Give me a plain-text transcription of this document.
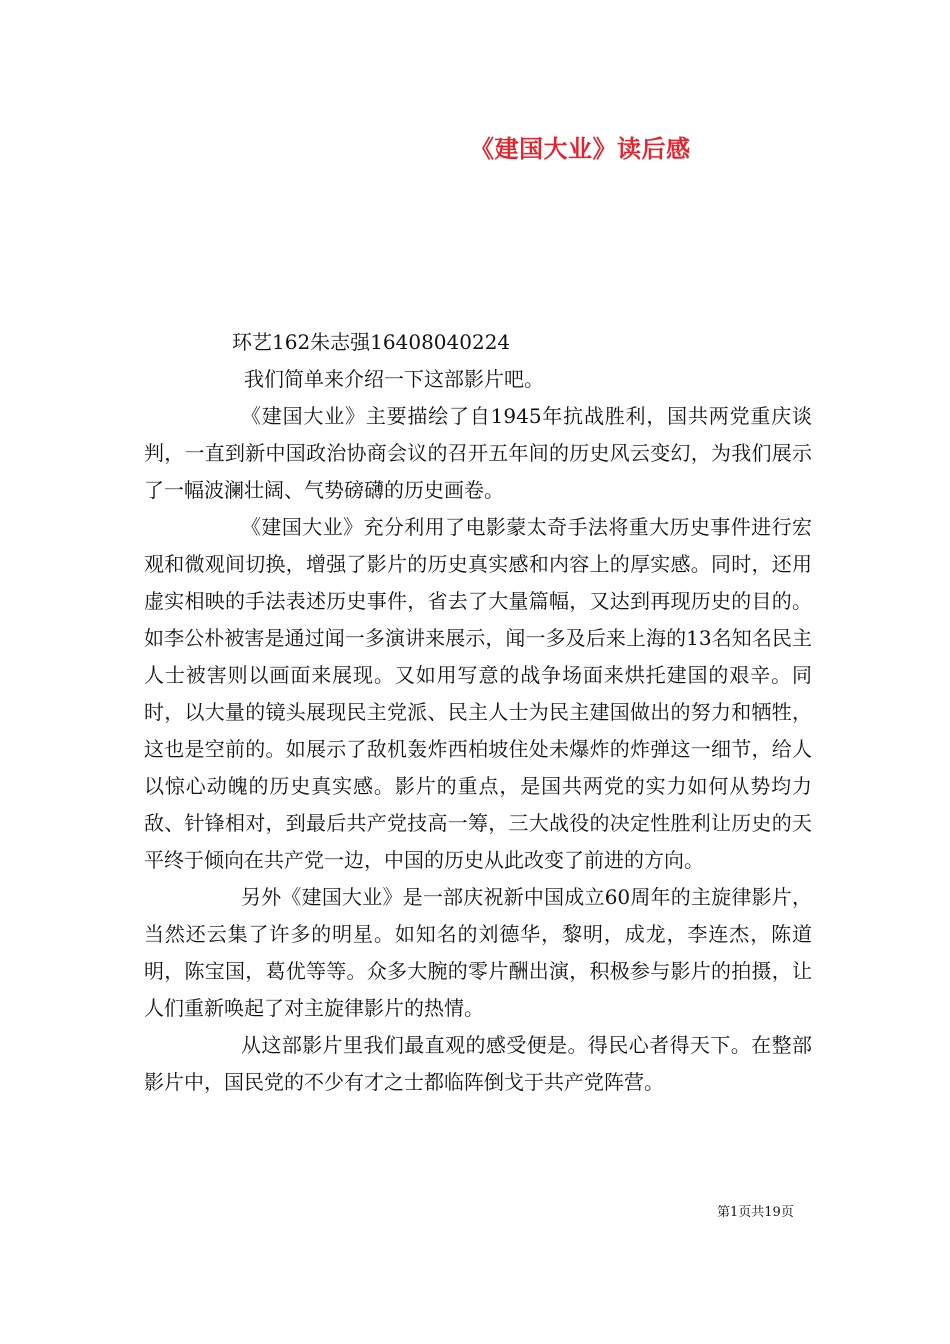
《建国大业》读后感

环艺162朱志强16408040224

我们简单来介绍一下这部影片吧。

《建国大业》主要描绘了自1945年抗战胜利，国共两党重庆谈判，一直到新中国政治协商会议的召开五年间的历史风云变幻，为我们展示了一幅波澜壮阔、气势磅礴的历史画卷。

《建国大业》充分利用了电影蒙太奇手法将重大历史事件进行宏观和微观间切换，增强了影片的历史真实感和内容上的厚实感。同时，还用虚实相映的手法表述历史事件，省去了大量篇幅，又达到再现历史的目的。如李公朴被害是通过闻一多演讲来展示，闻一多及后来上海的13名知名民主人士被害则以画面来展现。又如用写意的战争场面来烘托建国的艰辛。同时，以大量的镜头展现民主党派、民主人士为民主建国做出的努力和牺牲，这也是空前的。如展示了敌机轰炸西柏坡住处未爆炸的炸弹这一细节，给人以惊心动魄的历史真实感。影片的重点，是国共两党的实力如何从势均力敌、针锋相对，到最后共产党技高一筹，三大战役的决定性胜利让历史的天平终于倾向在共产党一边，中国的历史从此改变了前进的方向。

另外《建国大业》是一部庆祝新中国成立60周年的主旋律影片，当然还云集了许多的明星。如知名的刘德华，黎明，成龙，李连杰，陈道明，陈宝国，葛优等等。众多大腕的零片酬出演，积极参与影片的拍摄，让人们重新唤起了对主旋律影片的热情。

从这部影片里我们最直观的感受便是。得民心者得天下。在整部影片中，国民党的不少有才之士都临阵倒戈于共产党阵营。

第1页共19页
